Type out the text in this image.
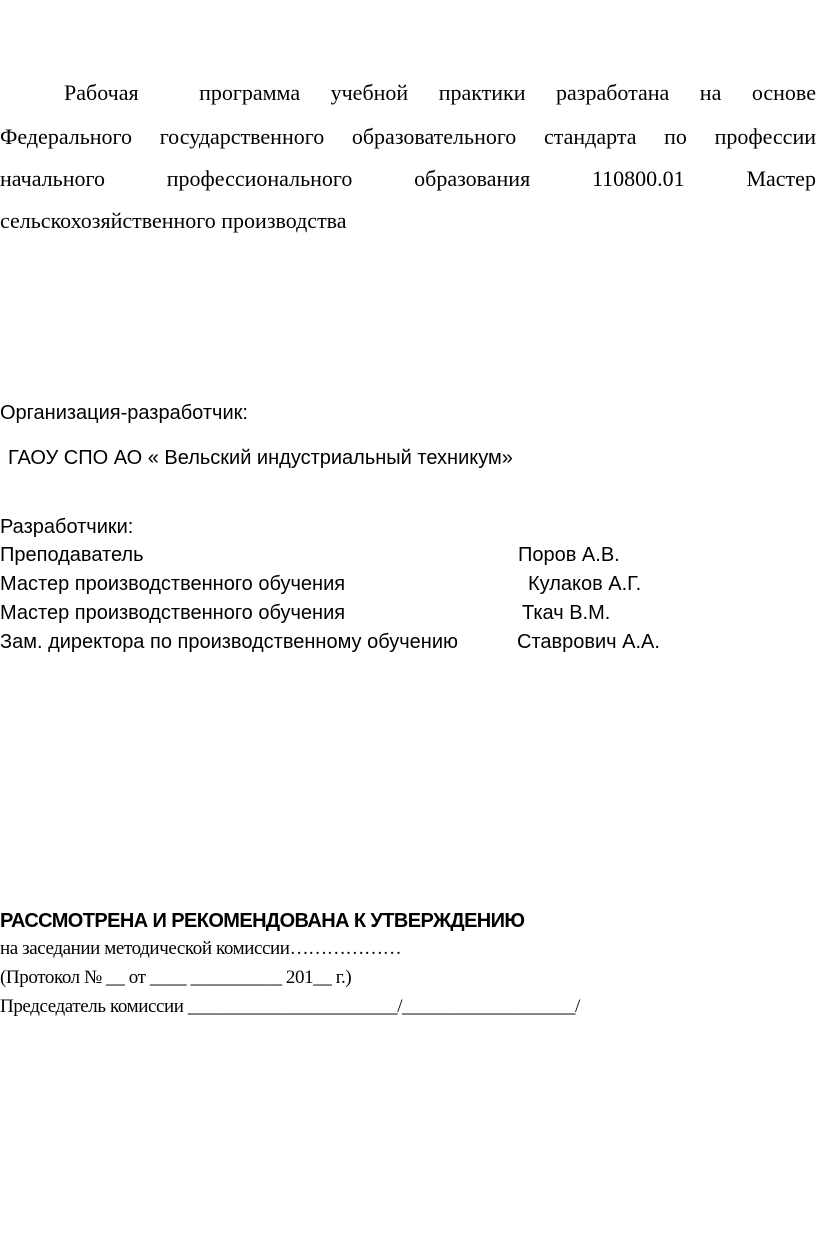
Рабочая	программа учебной практики разработана на основе
Федерального государственного образовательного стандарта по профессии
начального	профессионального	образования	110800.01	Мастер
сельскохозяйственного производства
Организация-разработчик:
ГАОУ СПО АО « Вельский индустриальный техникум»
Разработчики:
Преподаватель	Поров А.В.
Мастер производственного обучения	Кулаков А.Г.
Мастер производственного обучения	Ткач В.М.
Зам. директора по производственному обучению	Ставрович А.А.
РАССМОТРЕНА И РЕКОМЕНДОВАНА К УТВЕРЖДЕНИЮ
на заседании методической комиссии………………
(Протокол № __ от ____ __________ 201__ г.)
Председатель комиссии _______________________/___________________/
